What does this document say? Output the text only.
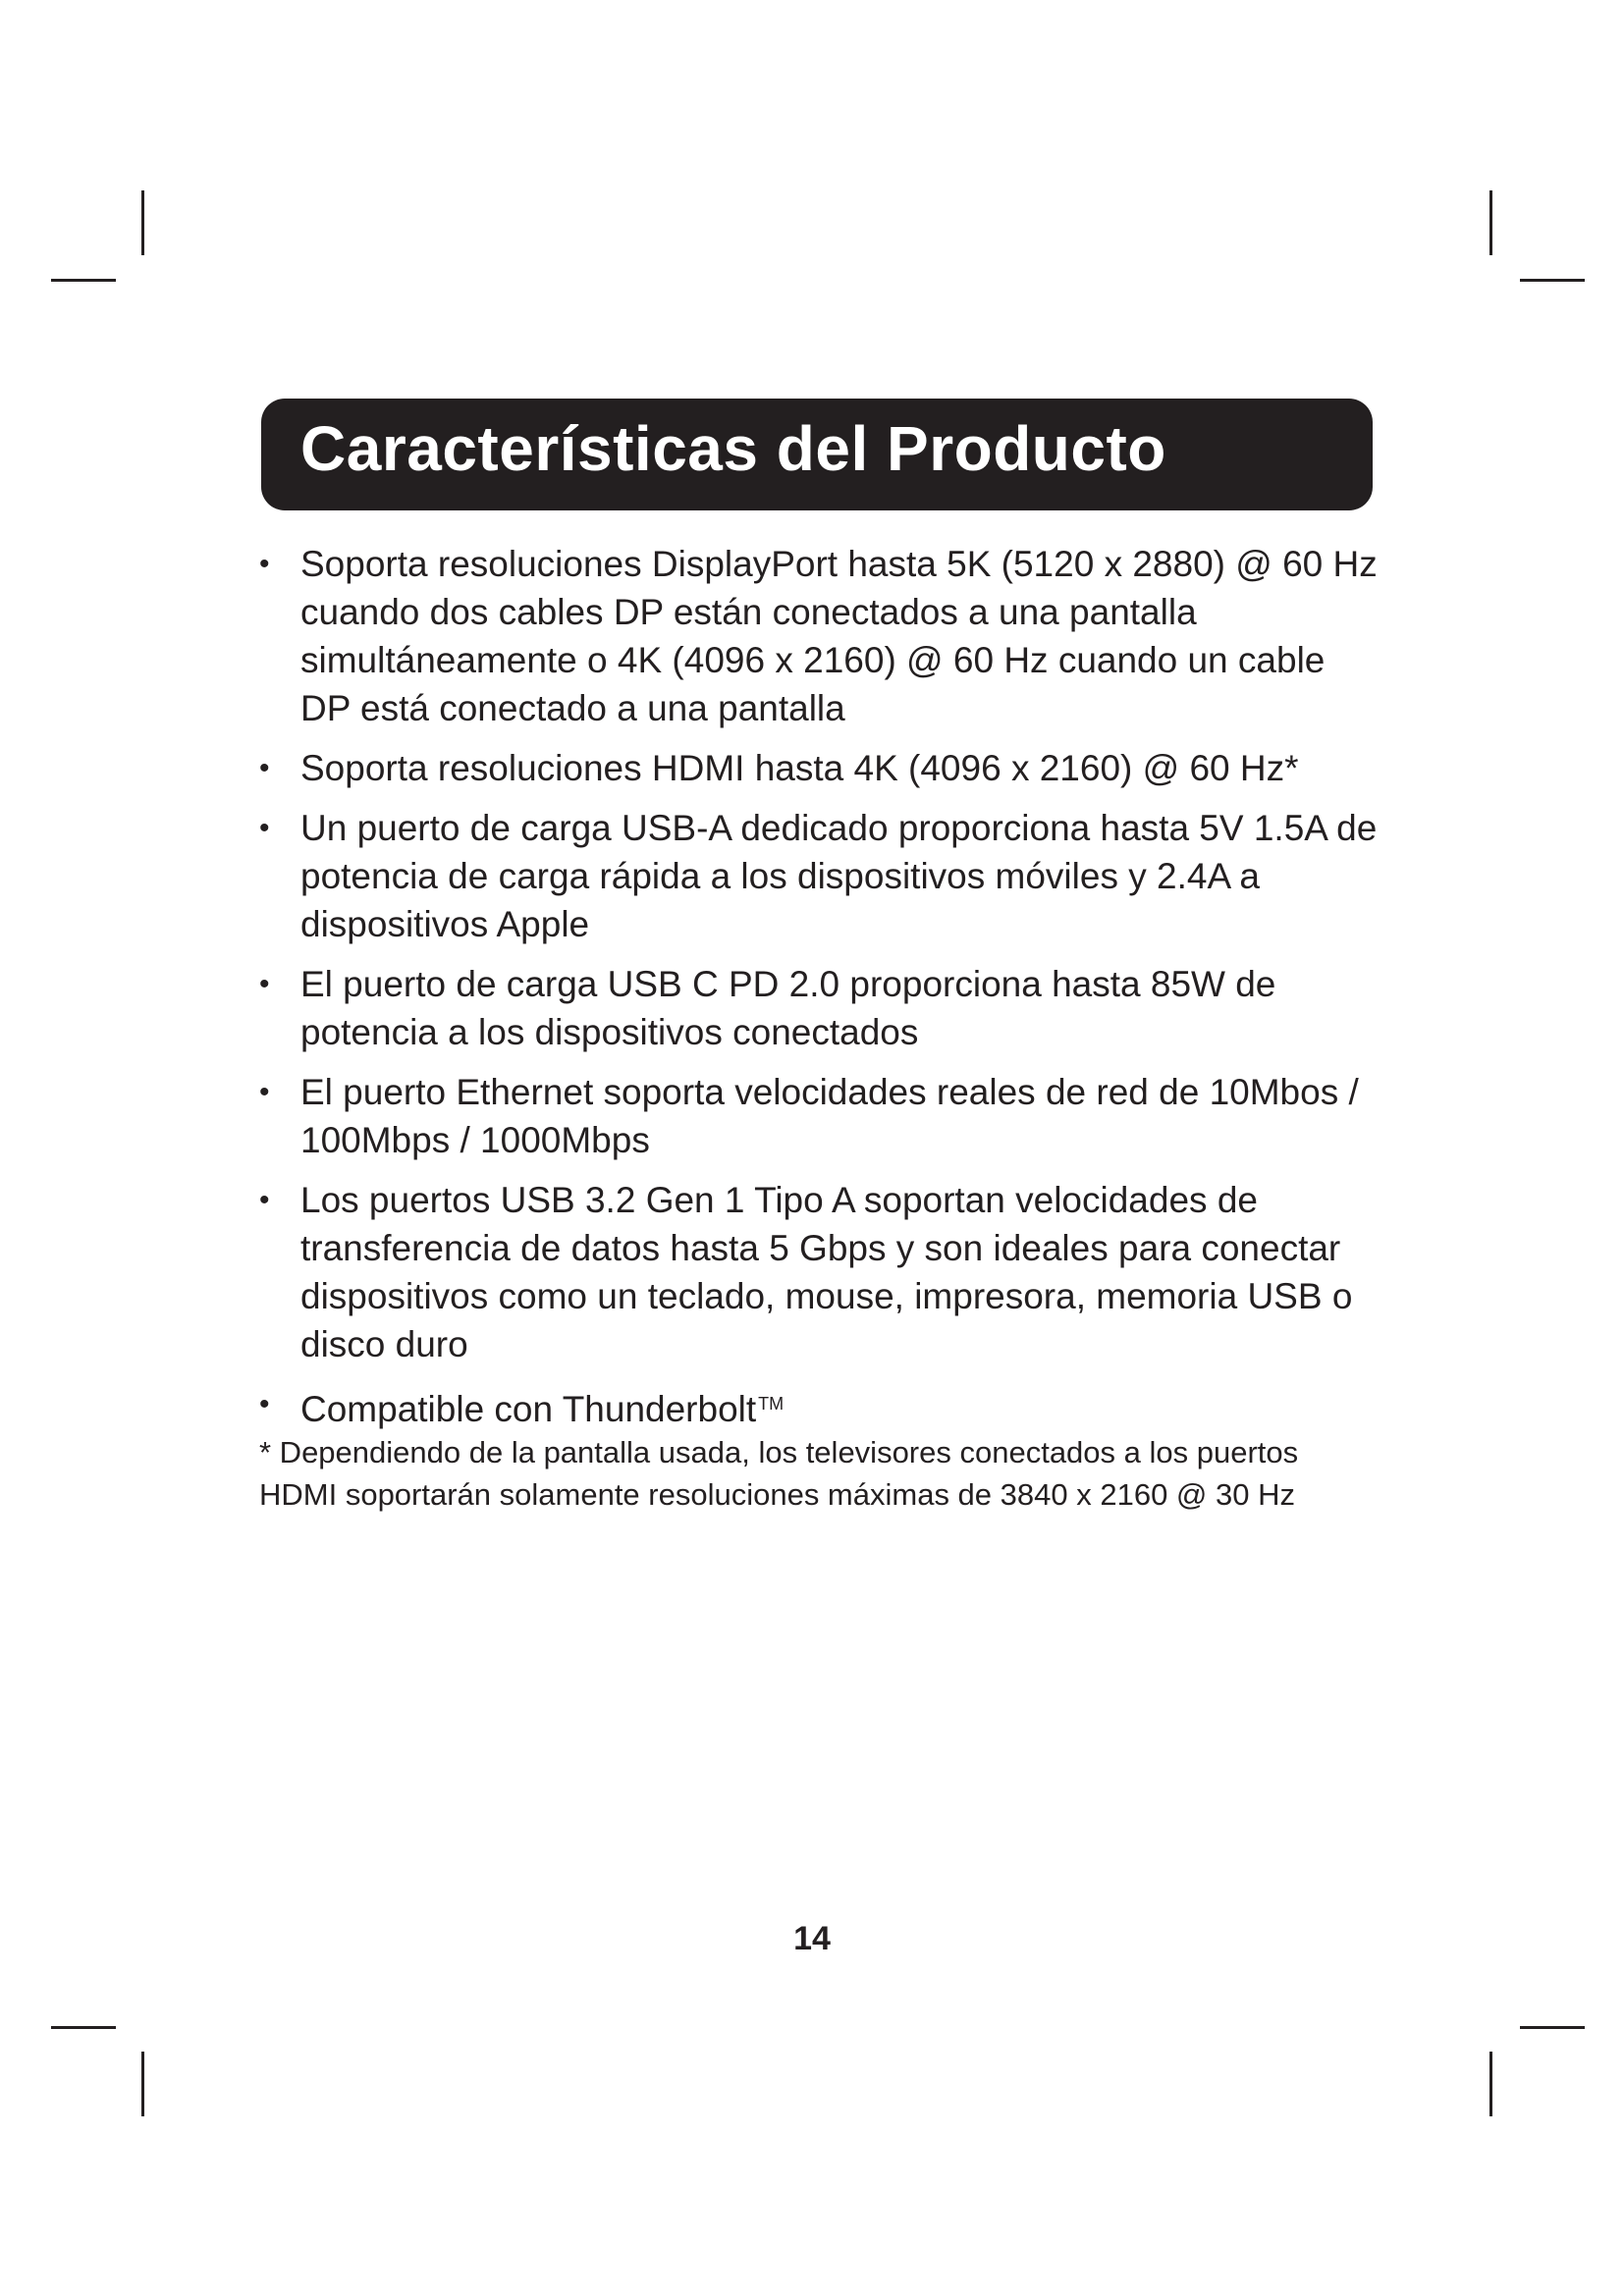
Características del Producto
• Soporta resoluciones DisplayPort hasta 5K (5120 x 2880) @ 60 Hz cuando dos cables DP están conectados a una pantalla simultáneamente o 4K (4096 x 2160) @ 60 Hz cuando un cable DP está conectado a una pantalla
• Soporta resoluciones HDMI hasta 4K (4096 x 2160) @ 60 Hz*
• Un puerto de carga USB-A dedicado proporciona hasta 5V 1.5A de potencia de carga rápida a los dispositivos móviles y 2.4A a dispositivos Apple
• El puerto de carga USB C PD 2.0 proporciona hasta 85W de potencia a los dispositivos conectados
• El puerto Ethernet soporta velocidades reales de red de 10Mbos / 100Mbps / 1000Mbps
• Los puertos USB 3.2 Gen 1 Tipo A soportan velocidades de transferencia de datos hasta 5 Gbps y son ideales para conectar dispositivos como un teclado, mouse, impresora, memoria USB o disco duro
• Compatible con Thunderbolt ™
* Dependiendo de la pantalla usada, los televisores conectados a los puertos HDMI soportarán solamente resoluciones máximas de 3840 x 2160 @ 30 Hz
14
